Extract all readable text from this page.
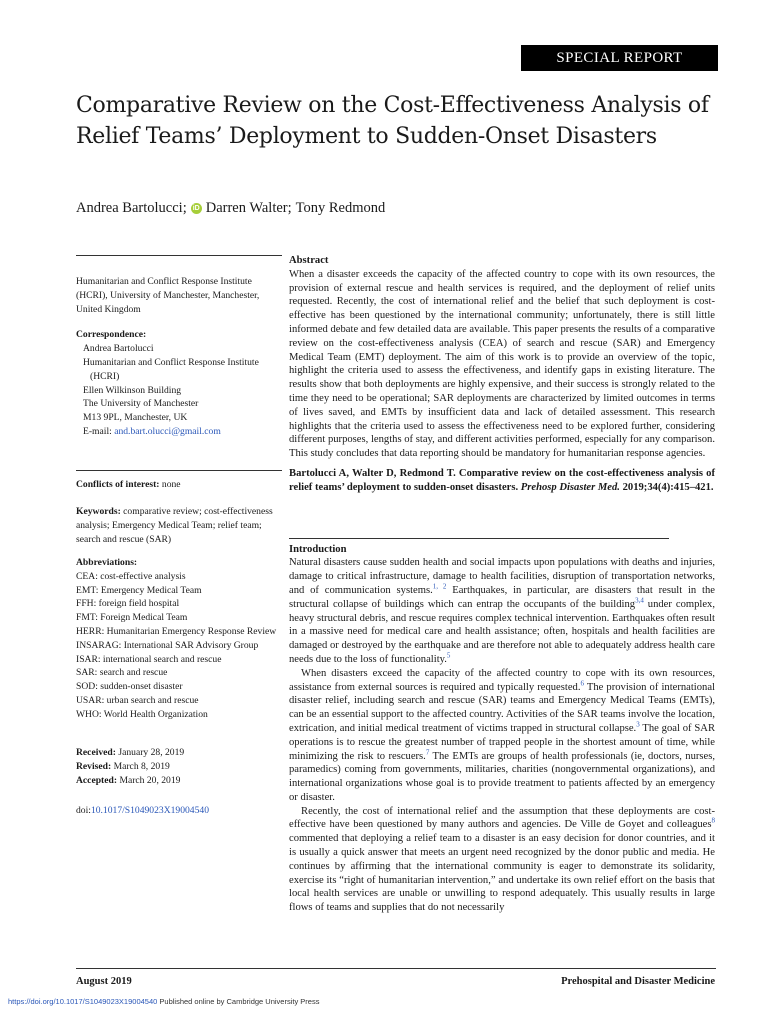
SPECIAL REPORT
Comparative Review on the Cost-Effectiveness Analysis of Relief Teams’ Deployment to Sudden-Onset Disasters
Andrea Bartolucci; iD Darren Walter; Tony Redmond
Humanitarian and Conflict Response Institute (HCRI), University of Manchester, Manchester, United Kingdom
Correspondence:
Andrea Bartolucci
Humanitarian and Conflict Response Institute
(HCRI)
Ellen Wilkinson Building
The University of Manchester
M13 9PL, Manchester, UK
E-mail: and.bart.olucci@gmail.com
Conflicts of interest: none
Keywords: comparative review; cost-effectiveness analysis; Emergency Medical Team; relief team; search and rescue (SAR)
Abbreviations:
CEA: cost-effective analysis
EMT: Emergency Medical Team
FFH: foreign field hospital
FMT: Foreign Medical Team
HERR: Humanitarian Emergency Response Review
INSARAG: International SAR Advisory Group
ISAR: international search and rescue
SAR: search and rescue
SOD: sudden-onset disaster
USAR: urban search and rescue
WHO: World Health Organization
Received: January 28, 2019
Revised: March 8, 2019
Accepted: March 20, 2019
doi:10.1017/S1049023X19004540

Abstract

When a disaster exceeds the capacity of the affected country to cope with its own resources, the provision of external rescue and health services is required, and the deployment of relief units requested. Recently, the cost of international relief and the belief that such deployment is cost-effective has been questioned by the international community; unfortunately, there is still little informed debate and few detailed data are available. This paper presents the results of a comparative review on the cost-effectiveness analysis (CEA) of search and rescue (SAR) and Emergency Medical Team (EMT) deployment. The aim of this work is to provide an overview of the topic, highlight the criteria used to assess the effectiveness, and identify gaps in existing literature. The results show that both deployments are highly expensive, and their success is strongly related to the time they need to be operational; SAR deployments are characterized by limited outcomes in terms of lives saved, and EMTs by insufficient data and lack of detailed assessment. This research highlights that the criteria used to assess the effectiveness need to be explored further, considering different purposes, lengths of stay, and different activities performed, especially for any comparison. This study concludes that data reporting should be mandatory for humanitarian response agencies.

Bartolucci A, Walter D, Redmond T. Comparative review on the cost-effectiveness analysis of relief teams’ deployment to sudden-onset disasters. Prehosp Disaster Med. 2019;34(4):415–421.

Introduction

Natural disasters cause sudden health and social impacts upon populations with deaths and injuries, damage to critical infrastructure, damage to health facilities, disruption of transportation networks, and of communication systems.$^{1, 2}$ Earthquakes, in particular, are disasters that result in the structural collapse of buildings which can entrap the occupants of the building$^{3,4}$ under complex, heavy structural debris, and rescue requires complex technical intervention. Earthquakes often result in a massive need for medical care and health assistance; often, hospitals and health facilities are damaged or destroyed by the earthquake and are therefore not able to adequately address health care needs due to the loss of functionality.$^5$

When disasters exceed the capacity of the affected country to cope with its own resources, assistance from external sources is required and typically requested.$^6$ The provision of international disaster relief, including search and rescue (SAR) teams and Emergency Medical Teams (EMTs), can be an essential support to the affected country. Activities of the SAR teams involve the location, extrication, and initial medical treatment of victims trapped in structural collapse.$^3$ The goal of SAR operations is to rescue the greatest number of trapped people in the shortest amount of time, while minimizing the risk to rescuers.$^7$ The EMTs are groups of health professionals (ie, doctors, nurses, paramedics) coming from governments, militaries, charities (nongovernmental organizations), and international organizations whose goal is to provide treatment to patients affected by an emergency or disaster.

Recently, the cost of international relief and the assumption that these deployments are cost-effective have been questioned by many authors and agencies. De Ville de Goyet and colleagues$^8$ commented that deploying a relief team to a disaster is an easy decision for donor countries, and it is usually a quick answer that meets an urgent need recognized by the donor public and media. He continues by affirming that the international community is eager to demonstrate its solidarity, exercise its “right of humanitarian intervention,” and undertake its own relief effort on the basis that local health services are unable or unwilling to respond adequately. This usually results in large flows of teams and supplies that do not necessarily

August 2019	Prehospital and Disaster Medicine
https://doi.org/10.1017/S1049023X19004540 Published online by Cambridge University Press
